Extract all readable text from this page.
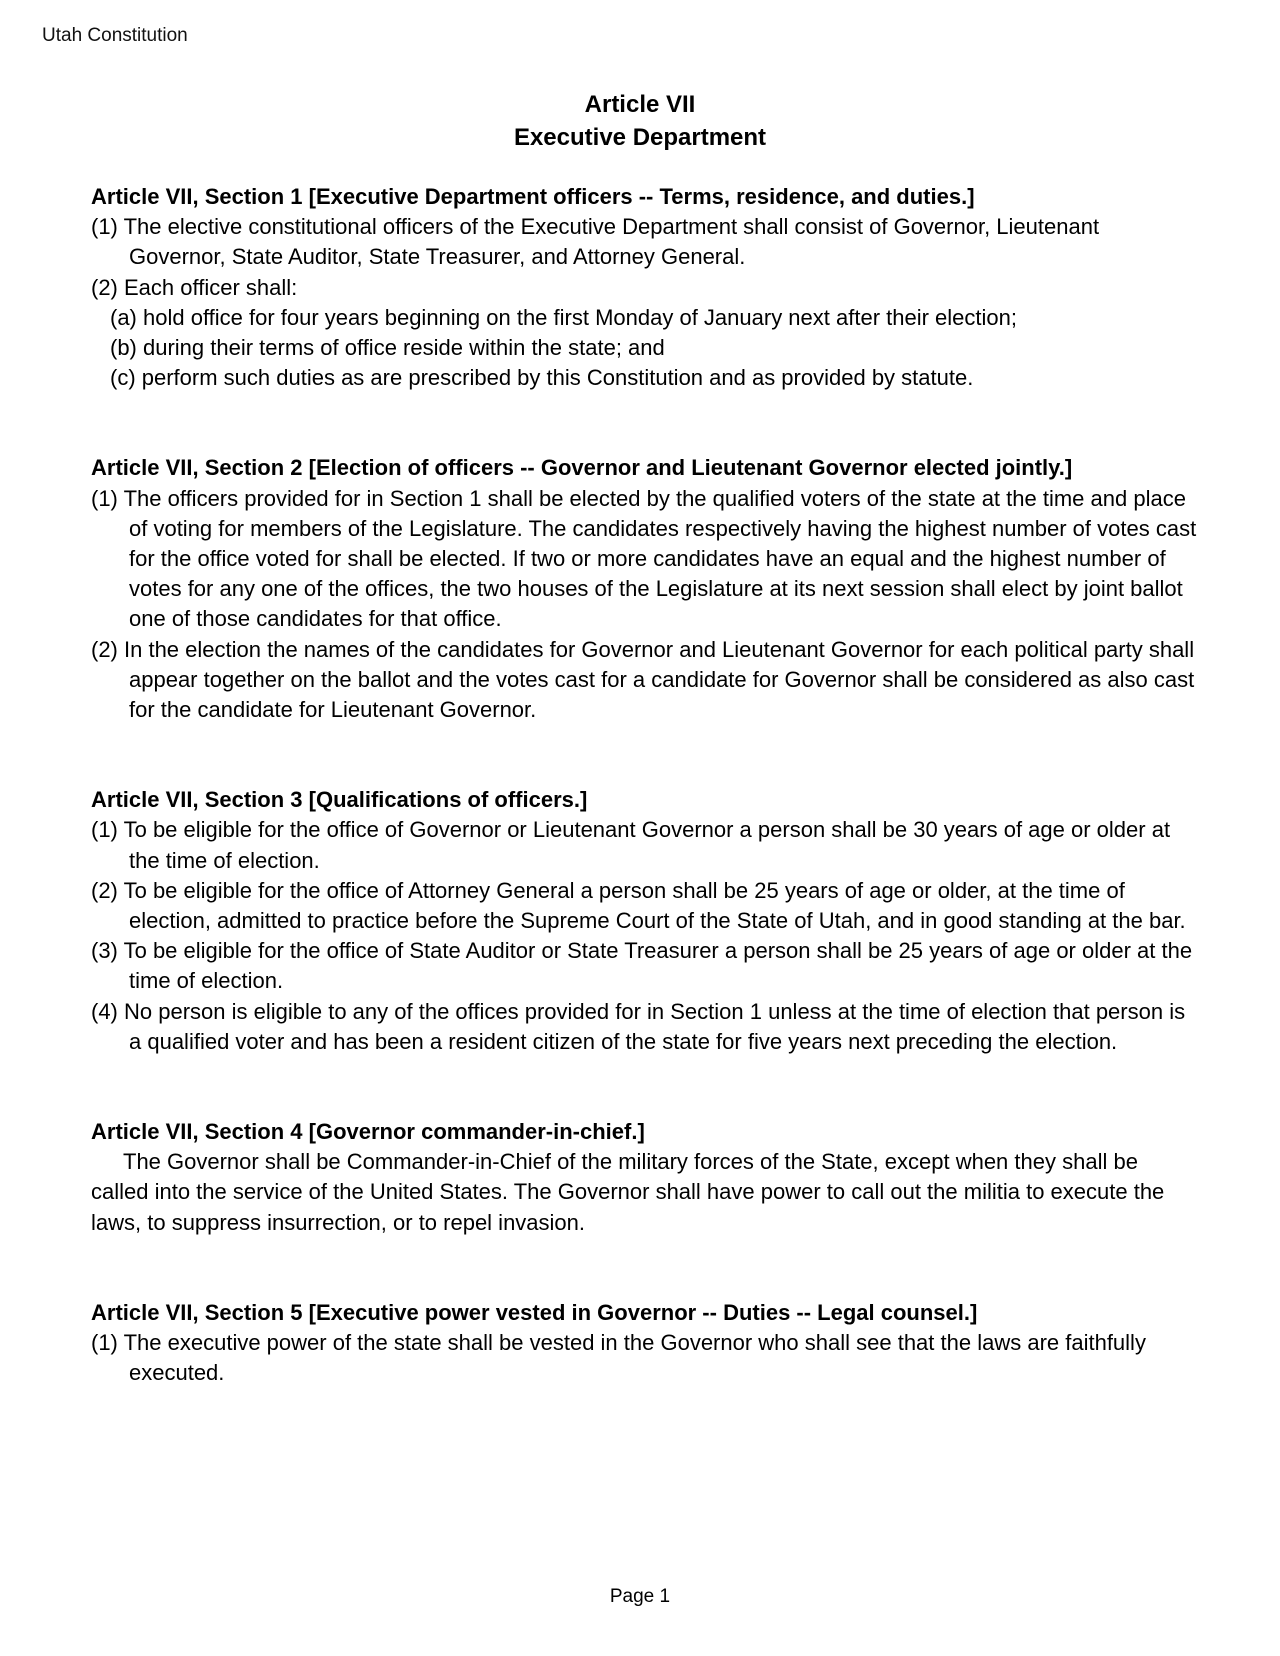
Utah Constitution
Article VII
Executive Department

Article VII, Section 1 [Executive Department officers -- Terms, residence, and duties.]

(1) The elective constitutional officers of the Executive Department shall consist of Governor, Lieutenant Governor, State Auditor, State Treasurer, and Attorney General.

(2) Each officer shall:

(a) hold office for four years beginning on the first Monday of January next after their election;

(b) during their terms of office reside within the state; and

(c) perform such duties as are prescribed by this Constitution and as provided by statute.

Article VII, Section 2 [Election of officers -- Governor and Lieutenant Governor elected jointly.]

(1) The officers provided for in Section 1 shall be elected by the qualified voters of the state at the time and place of voting for members of the Legislature. The candidates respectively having the highest number of votes cast for the office voted for shall be elected. If two or more candidates have an equal and the highest number of votes for any one of the offices, the two houses of the Legislature at its next session shall elect by joint ballot one of those candidates for that office.

(2) In the election the names of the candidates for Governor and Lieutenant Governor for each political party shall appear together on the ballot and the votes cast for a candidate for Governor shall be considered as also cast for the candidate for Lieutenant Governor.

Article VII, Section 3 [Qualifications of officers.]

(1) To be eligible for the office of Governor or Lieutenant Governor a person shall be 30 years of age or older at the time of election.

(2) To be eligible for the office of Attorney General a person shall be 25 years of age or older, at the time of election, admitted to practice before the Supreme Court of the State of Utah, and in good standing at the bar.

(3) To be eligible for the office of State Auditor or State Treasurer a person shall be 25 years of age or older at the time of election.

(4) No person is eligible to any of the offices provided for in Section 1 unless at the time of election that person is a qualified voter and has been a resident citizen of the state for five years next preceding the election.

Article VII, Section 4 [Governor commander-in-chief.]

The Governor shall be Commander-in-Chief of the military forces of the State, except when they shall be called into the service of the United States. The Governor shall have power to call out the militia to execute the laws, to suppress insurrection, or to repel invasion.

Article VII, Section 5 [Executive power vested in Governor -- Duties -- Legal counsel.]

(1) The executive power of the state shall be vested in the Governor who shall see that the laws are faithfully executed.

Page 1
